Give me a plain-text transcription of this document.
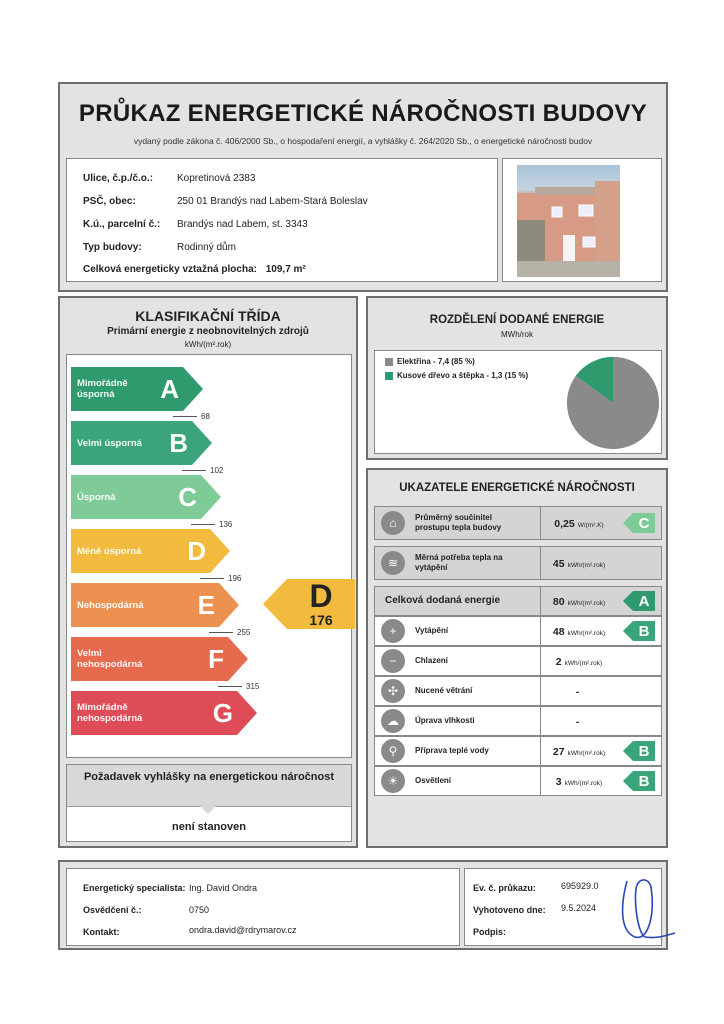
PRŮKAZ ENERGETICKÉ NÁROČNOSTI BUDOVY
vydaný podle zákona č. 406/2000 Sb., o hospodaření energií, a vyhlášky č. 264/2020 Sb., o energetické náročnosti budov
Ulice, č.p./č.o.: Kopretinová 2383
PSČ, obec:	250 01 Brandýs nad Labem-Stará Boleslav
K.ú., parcelní č.: Brandýs nad Labem, st. 3343
Typ budovy:	Rodinný dům
Celková energeticky vztažná plocha: 109,7 m²
KLASIFIKAČNÍ TŘÍDA
Primární energie z neobnovitelných zdrojů
kWh/(m².rok)
Mimořádně úsporná	A
68
Velmi úsporná B
102
Úsporná C
136
Méně úsporná D
196
Nehospodárná E
255
Velmi nehospodárná	F
315
Mimořádně nehospodárná	G
D
176
Požadavek vyhlášky na energetickou náročnost
není stanoven
ROZDĚLENÍ DODANÉ ENERGIE
MWh/rok
Elektřina - 7,4 (85 %)
Kusové dřevo a štěpka - 1,3 (15 %)
UKAZATELE ENERGETICKÉ NÁROČNOSTI
⌂	Průměrný součinitel prostupu tepla budovy	0,25 W/(m².K)	C
≋	Měrná potřeba tepla na vytápění	45 kWh/(m².rok)
Celková dodaná energie	80 kWh/(m².rok)	A
+	Vytápění	48 kWh/(m².rok)	B
−	Chlazení	2 kWh/(m².rok)
✣	Nucené větrání	-
☁	Úprava vlhkosti	-
⚲	Příprava teplé vody	27 kWh/(m².rok)	B
☀	Osvětlení	3 kWh/(m².rok)	B
Energetický specialista: Ing. David Ondra
Osvědčení č.:	0750
Kontakt:	ondra.david@rdrymarov.cz
Ev. č. průkazu:	695929.0
Vyhotoveno dne: 9.5.2024
Podpis:
